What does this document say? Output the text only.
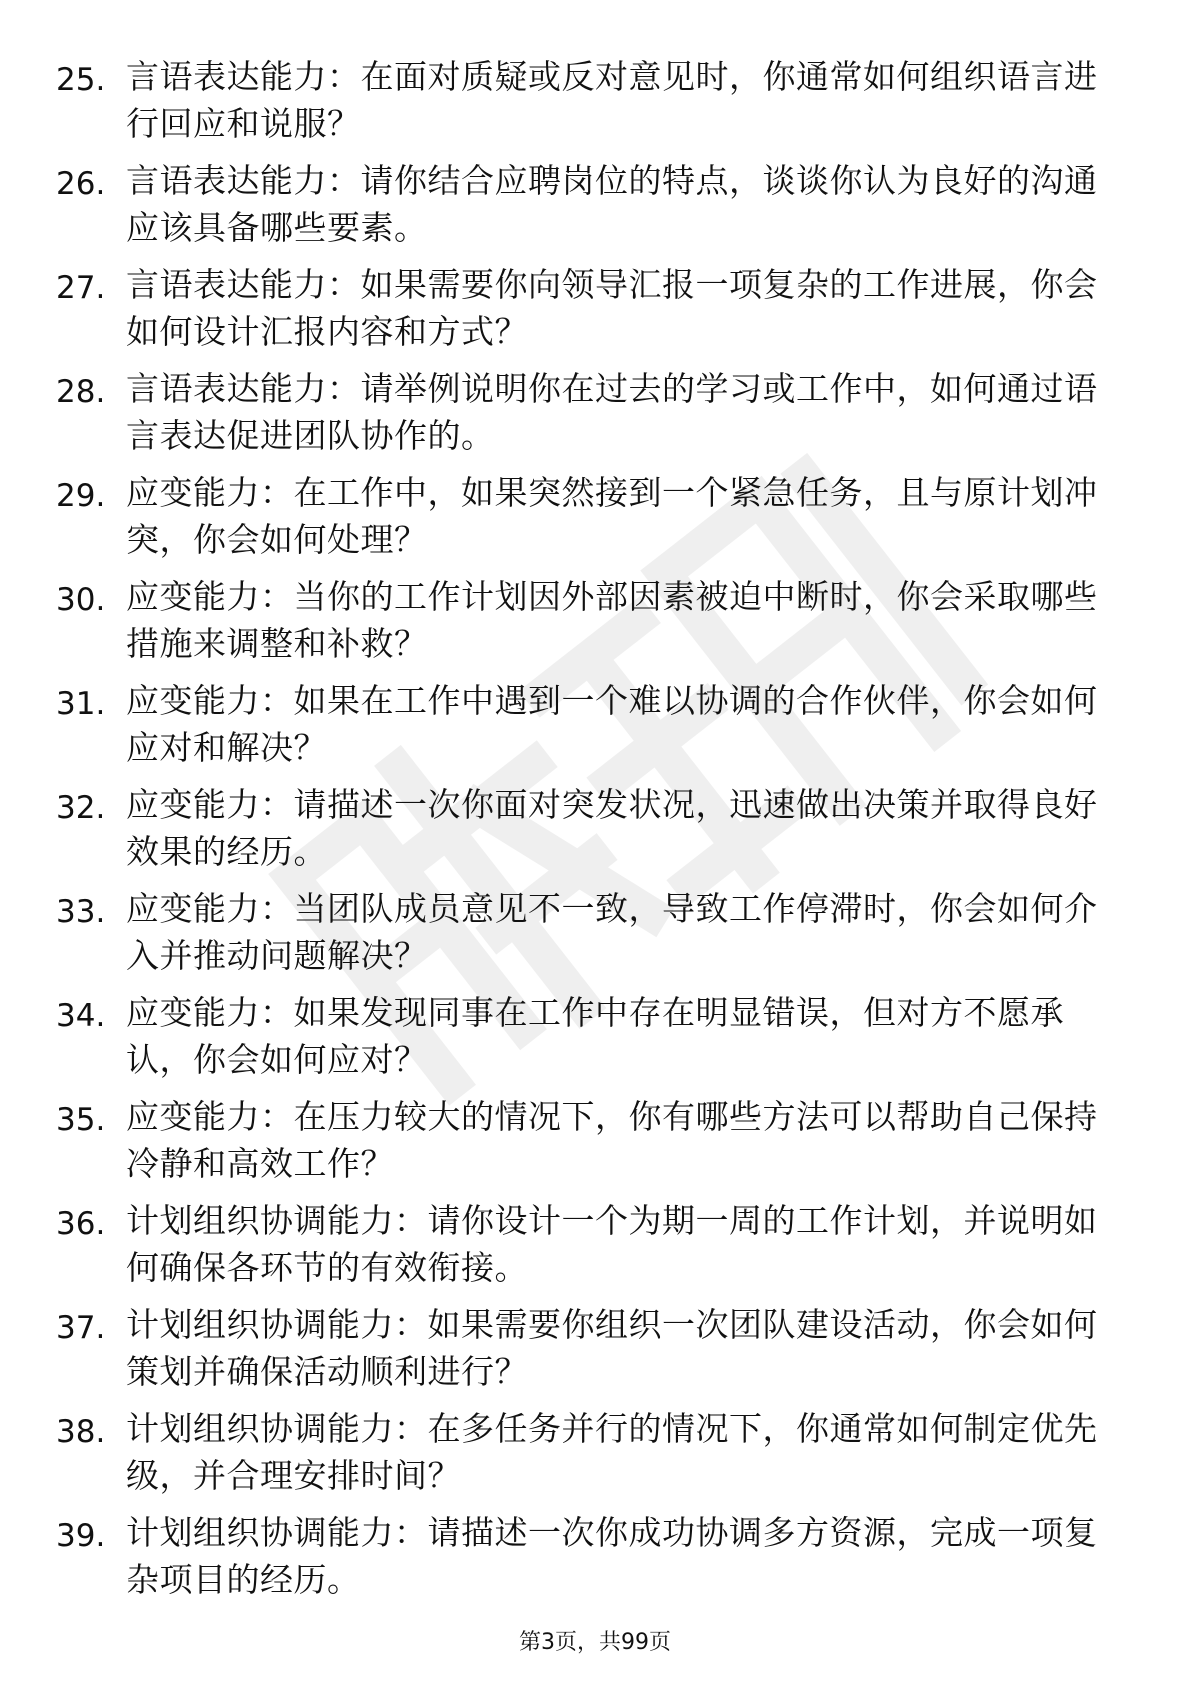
25. 言语表达能力：在面对质疑或反对意见时，你通常如何组织语言进行回应和说服？
26. 言语表达能力：请你结合应聘岗位的特点，谈谈你认为良好的沟通应该具备哪些要素。
27. 言语表达能力：如果需要你向领导汇报一项复杂的工作进展，你会如何设计汇报内容和方式？
28. 言语表达能力：请举例说明你在过去的学习或工作中，如何通过语言表达促进团队协作的。
29. 应变能力：在工作中，如果突然接到一个紧急任务，且与原计划冲突，你会如何处理？
30. 应变能力：当你的工作计划因外部因素被迫中断时，你会采取哪些措施来调整和补救？
31. 应变能力：如果在工作中遇到一个难以协调的合作伙伴，你会如何应对和解决？
32. 应变能力：请描述一次你面对突发状况，迅速做出决策并取得良好效果的经历。
33. 应变能力：当团队成员意见不一致，导致工作停滞时，你会如何介入并推动问题解决？
34. 应变能力：如果发现同事在工作中存在明显错误，但对方不愿承认，你会如何应对？
35. 应变能力：在压力较大的情况下，你有哪些方法可以帮助自己保持冷静和高效工作？
36. 计划组织协调能力：请你设计一个为期一周的工作计划，并说明如何确保各环节的有效衔接。
37. 计划组织协调能力：如果需要你组织一次团队建设活动，你会如何策划并确保活动顺利进行？
38. 计划组织协调能力：在多任务并行的情况下，你通常如何制定优先级，并合理安排时间？
39. 计划组织协调能力：请描述一次你成功协调多方资源，完成一项复杂项目的经历。
第3页，共99页
